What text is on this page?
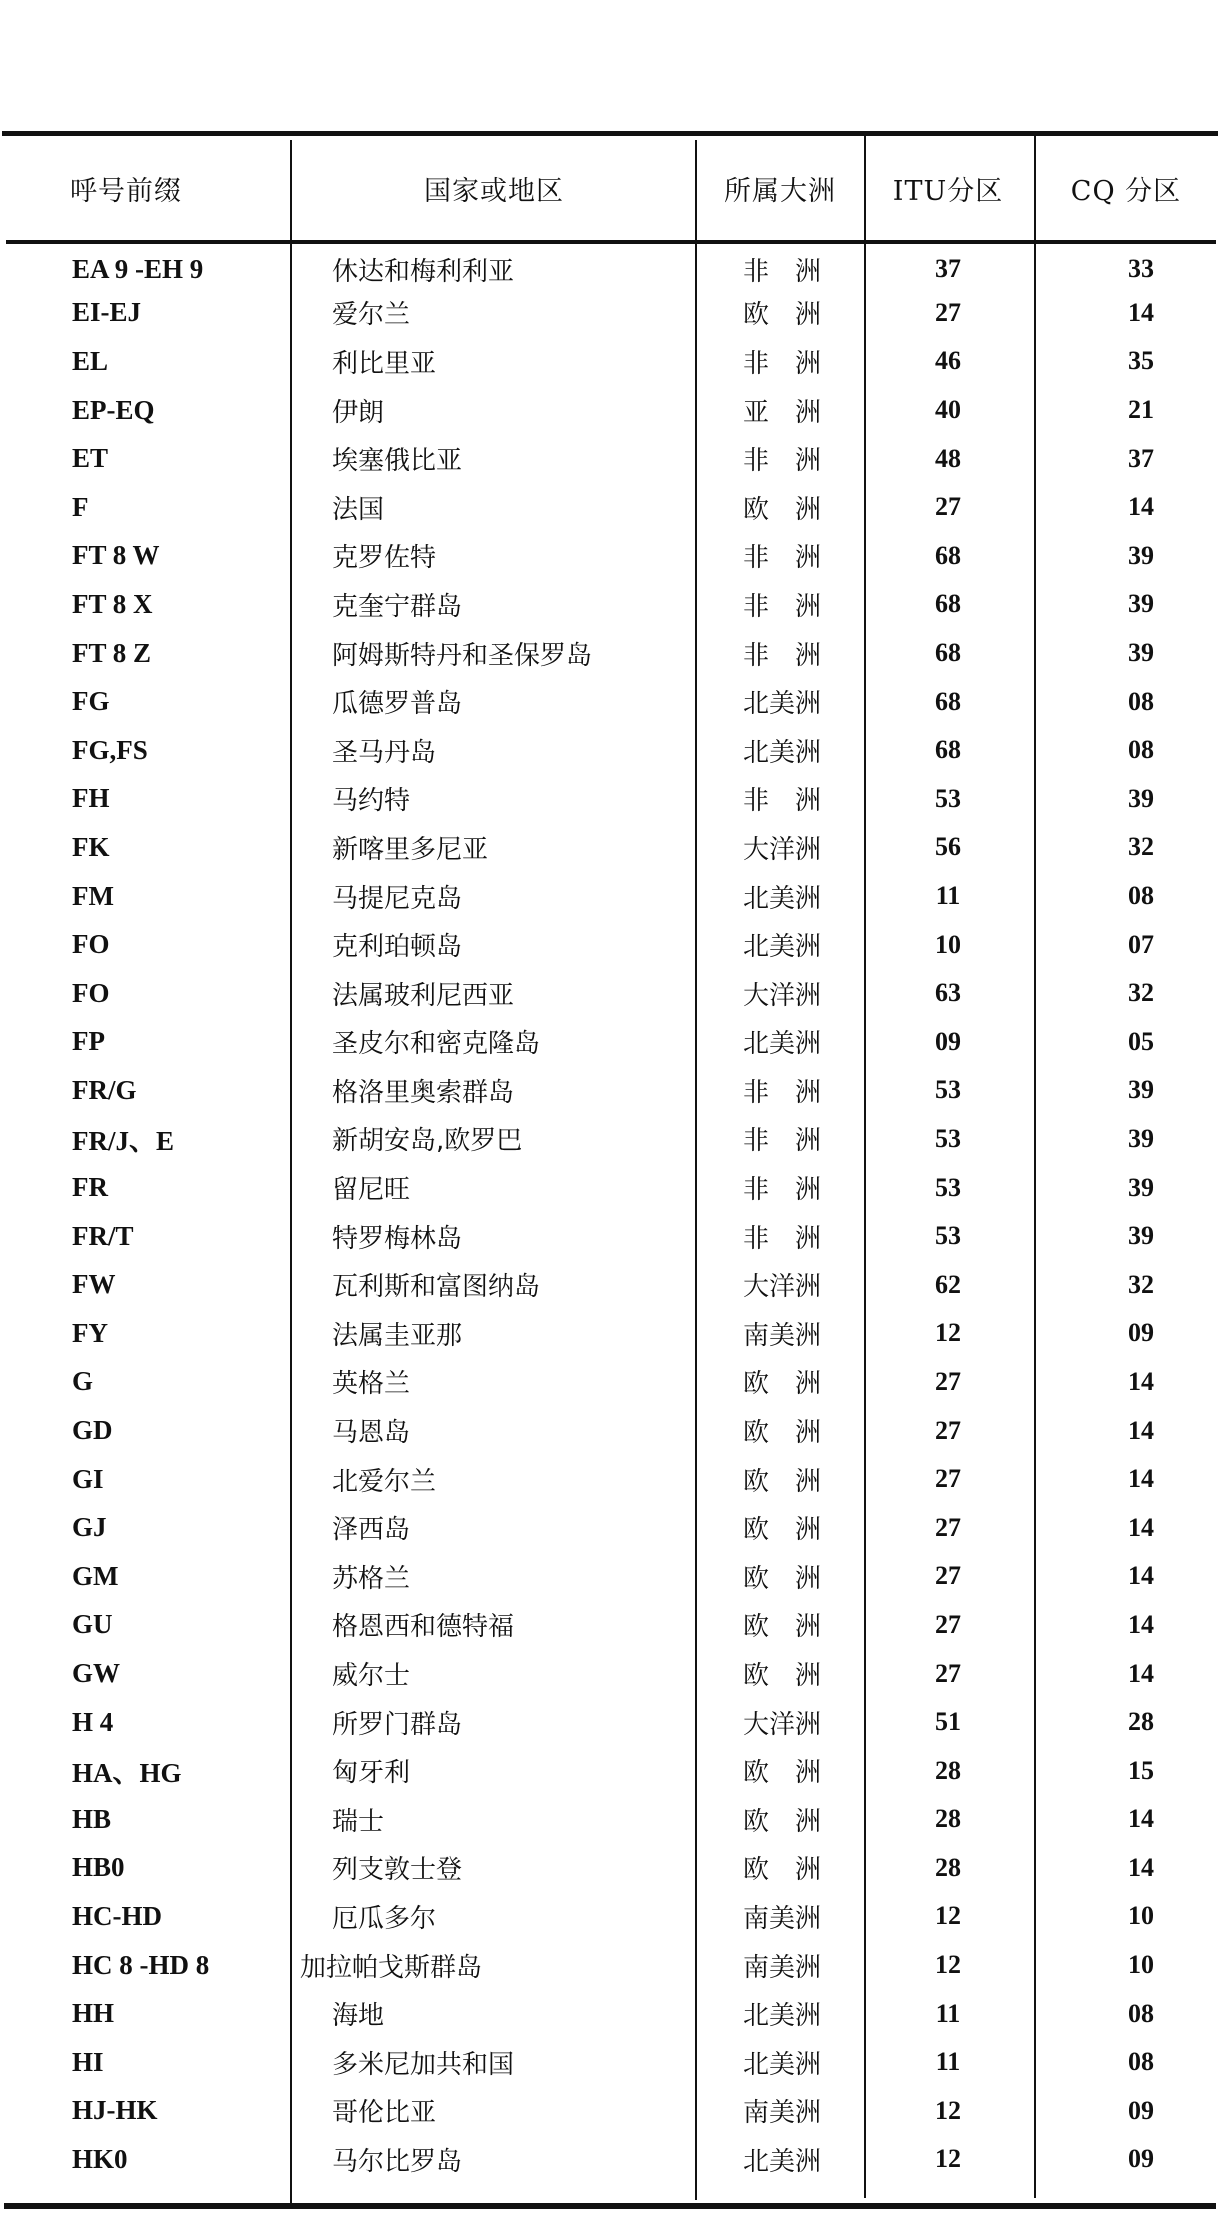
呼号前缀	国家或地区	所属大洲	ITU分区	CQ 分区
EA 9 -EH 9	休达和梅利利亚	非　洲	37	33
EI-EJ	爱尔兰	欧　洲	27	14
EL	利比里亚	非　洲	46	35
EP-EQ	伊朗	亚　洲	40	21
ET	埃塞俄比亚	非　洲	48	37
F	法国	欧　洲	27	14
FT 8 W	克罗佐特	非　洲	68	39
FT 8 X	克奎宁群岛	非　洲	68	39
FT 8 Z	阿姆斯特丹和圣保罗岛	非　洲	68	39
FG	瓜德罗普岛	北美洲	68	08
FG,FS	圣马丹岛	北美洲	68	08
FH	马约特	非　洲	53	39
FK	新喀里多尼亚	大洋洲	56	32
FM	马提尼克岛	北美洲	11	08
FO	克利珀顿岛	北美洲	10	07
FO	法属玻利尼西亚	大洋洲	63	32
FP	圣皮尔和密克隆岛	北美洲	09	05
FR/G	格洛里奥索群岛	非　洲	53	39
FR/J、E	新胡安岛,欧罗巴	非　洲	53	39
FR	留尼旺	非　洲	53	39
FR/T	特罗梅林岛	非　洲	53	39
FW	瓦利斯和富图纳岛	大洋洲	62	32
FY	法属圭亚那	南美洲	12	09
G	英格兰	欧　洲	27	14
GD	马恩岛	欧　洲	27	14
GI	北爱尔兰	欧　洲	27	14
GJ	泽西岛	欧　洲	27	14
GM	苏格兰	欧　洲	27	14
GU	格恩西和德特福	欧　洲	27	14
GW	威尔士	欧　洲	27	14
H 4	所罗门群岛	大洋洲	51	28
HA、HG	匈牙利	欧　洲	28	15
HB	瑞士	欧　洲	28	14
HB0	列支敦士登	欧　洲	28	14
HC-HD	厄瓜多尔	南美洲	12	10
HC 8 -HD 8	加拉帕戈斯群岛	南美洲	12	10
HH	海地	北美洲	11	08
HI	多米尼加共和国	北美洲	11	08
HJ-HK	哥伦比亚	南美洲	12	09
HK0	马尔比罗岛	北美洲	12	09
